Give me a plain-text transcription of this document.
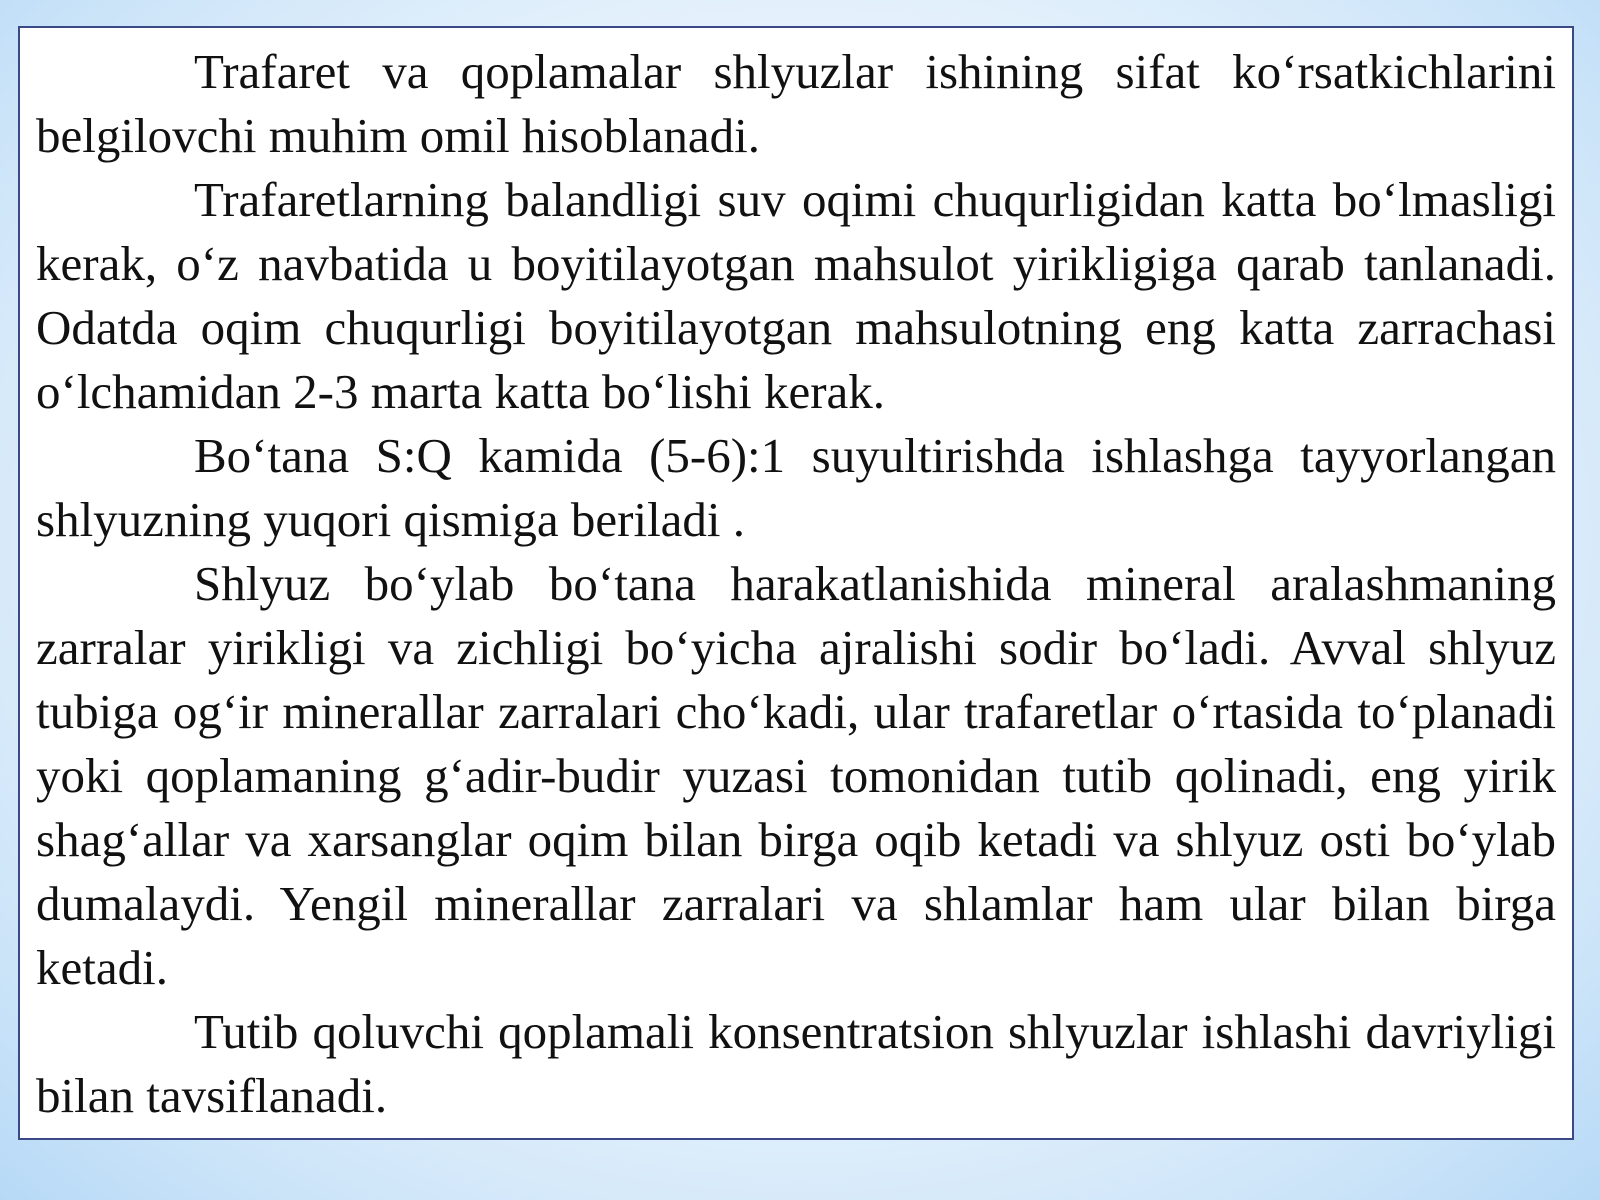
Trafaret va qoplamalar shlyuzlar ishining sifat ko‘rsatkichlarini belgilovchi muhim omil hisoblanadi.

Trafaretlarning balandligi suv oqimi chuqurligidan katta bo‘lmasligi kerak, o‘z navbatida u boyitilayotgan mahsulot yirikligiga qarab tanlanadi. Odatda oqim chuqurligi boyitilayotgan mahsulotning eng katta zarrachasi o‘lchamidan 2-3 marta katta bo‘lishi kerak.

Bo‘tana S:Q kamida (5-6):1 suyultirishda ishlashga tayyorlangan shlyuzning yuqori qismiga beriladi .

Shlyuz bo‘ylab bo‘tana harakatlanishida mineral aralashmaning zarralar yirikligi va zichligi bo‘yicha ajralishi sodir bo‘ladi. Avval shlyuz tubiga og‘ir minerallar zarralari cho‘kadi, ular trafaretlar o‘rtasida to‘planadi yoki qoplamaning g‘adir-budir yuzasi tomonidan tutib qolinadi, eng yirik shag‘allar va xarsanglar oqim bilan birga oqib ketadi va shlyuz osti bo‘ylab dumalaydi. Yengil minerallar zarralari va shlamlar ham ular bilan birga ketadi.

Tutib qoluvchi qoplamali konsentratsion shlyuzlar ishlashi davriyligi bilan tavsiflanadi.
